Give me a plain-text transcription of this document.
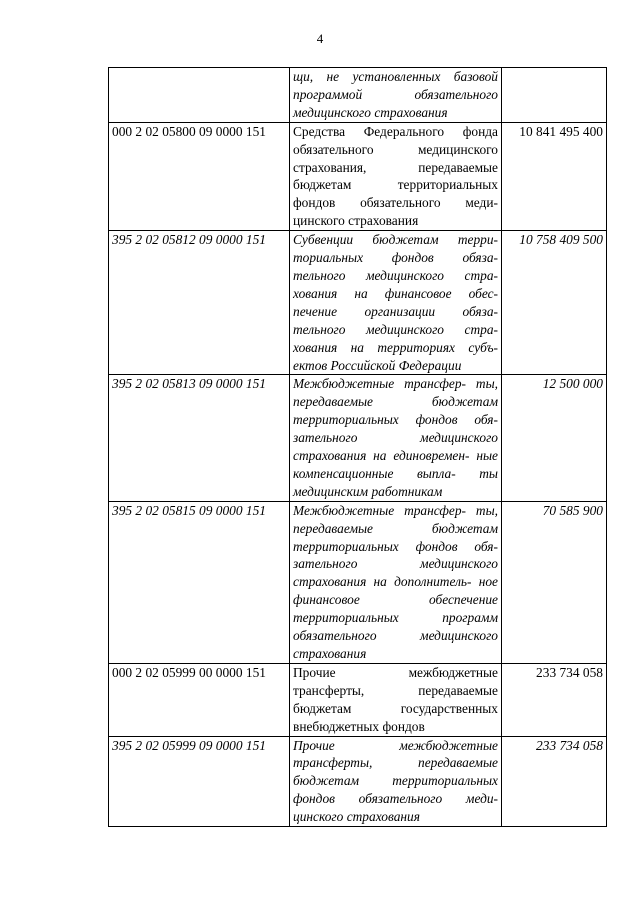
4
	щи, не установленных базовой программой обязательного медицинского страхования	
000 2 02 05800 09 0000 151	Средства Федерального фонда обязательного медицинского страхования, передаваемые бюджетам территориальных фондов обязательного меди- цинского страхования	10 841 495 400
395 2 02 05812 09 0000 151	Субвенции бюджетам терри- ториальных фондов обяза- тельного медицинского стра- хования на финансовое обес- печение организации обяза- тельного медицинского стра- хования на территориях субъ- ектов Российской Федерации	10 758 409 500
395 2 02 05813 09 0000 151	Межбюджетные трансфер- ты, передаваемые бюджетам территориальных фондов обя- зательного медицинского страхования на единовремен- ные компенсационные выпла- ты медицинским работникам	12 500 000
395 2 02 05815 09 0000 151	Межбюджетные трансфер- ты, передаваемые бюджетам территориальных фондов обя- зательного медицинского страхования на дополнитель- ное финансовое обеспечение территориальных программ обязательного медицинского страхования	70 585 900
000 2 02 05999 00 0000 151	Прочие межбюджетные трансферты, передаваемые бюджетам государственных внебюджетных фондов	233 734 058
395 2 02 05999 09 0000 151	Прочие межбюджетные трансферты, передаваемые бюджетам территориальных фондов обязательного меди- цинского страхования	233 734 058
